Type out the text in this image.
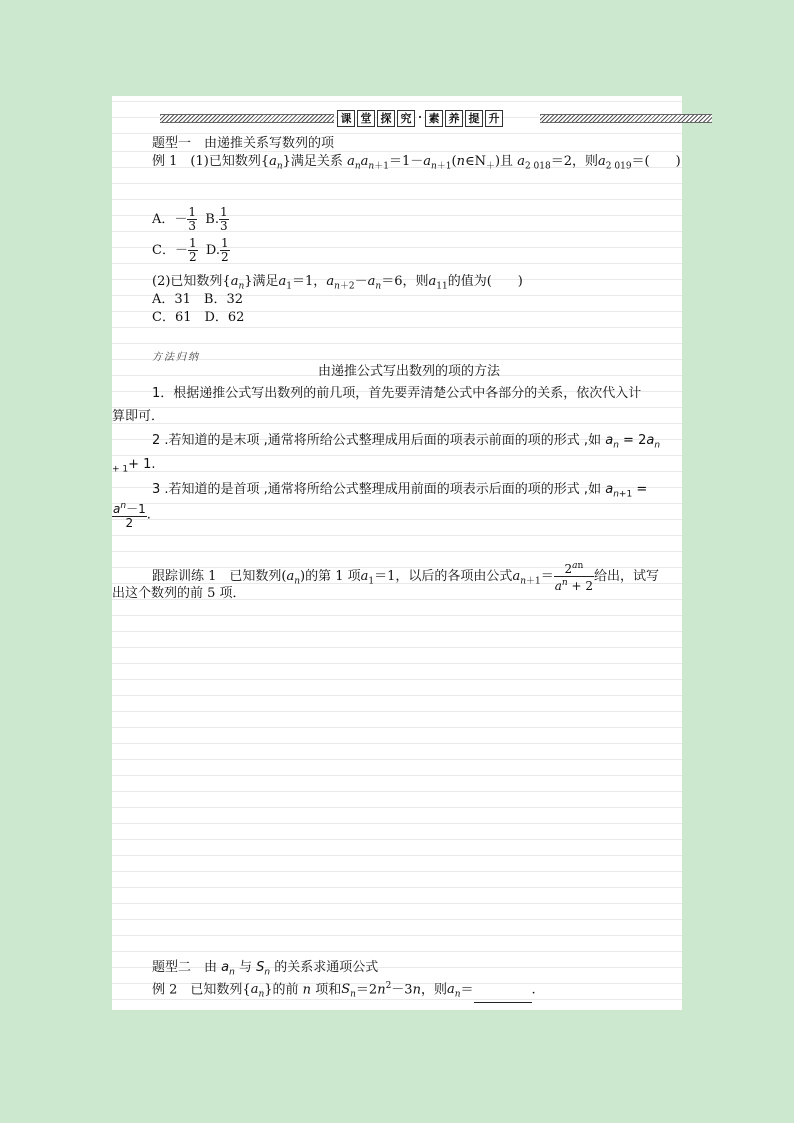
课 堂 探 究 · 素 养 提 升
题型一　由递推关系写数列的项
例 1　(1)已知数列$\{a_n\}$满足关系 $a_na_{n+1}=1-a_{n+1}(n\in N_+)$且 $a_{2 018}=2$，则$a_{2 019}=$(　　)
A．－ $\frac{1}{3} B$. $\frac{1}{3}$
C．－ $\frac{1}{2} D$. $\frac{1}{2}$
(2)已知数列$\{a_n\}$满足$a_1=1$，$a_{n+2}-a_n=6$，则$a_{11}$的值为(　　)
A．31　B．32
C．61　D．62
方法归纳
由递推公式写出数列的项的方法
1．根据递推公式写出数列的前几项，首先要弄清楚公式中各部分的关系，依次代入计
算即可．
2 .若知道的是末项 ,通常将所给公式整理成用后面的项表示前面的项的形式 ,如 $a_n = 2a_n$
$_{+ 1}$+ 1.
3 .若知道的是首项 ,通常将所给公式整理成用前面的项表示后面的项的形式 ,如 $a_{n+1}$ =
$\frac{a^n-1}{2}$ .
跟踪训练 1　已知数列$(a_n)$的第 1 项$a_1=1$，以后的各项由公式$a_{n+1}= \frac{2^{an}}{a^n + 2}$ 给出，试写
出这个数列的前 5 项．
题型二　由 $a_n$ 与 $S_n$ 的关系求通项公式
例 2　已知数列$\{a_n\}$的前 n 项和$S_n=2n^2-3n$，则$a_n=$	.
